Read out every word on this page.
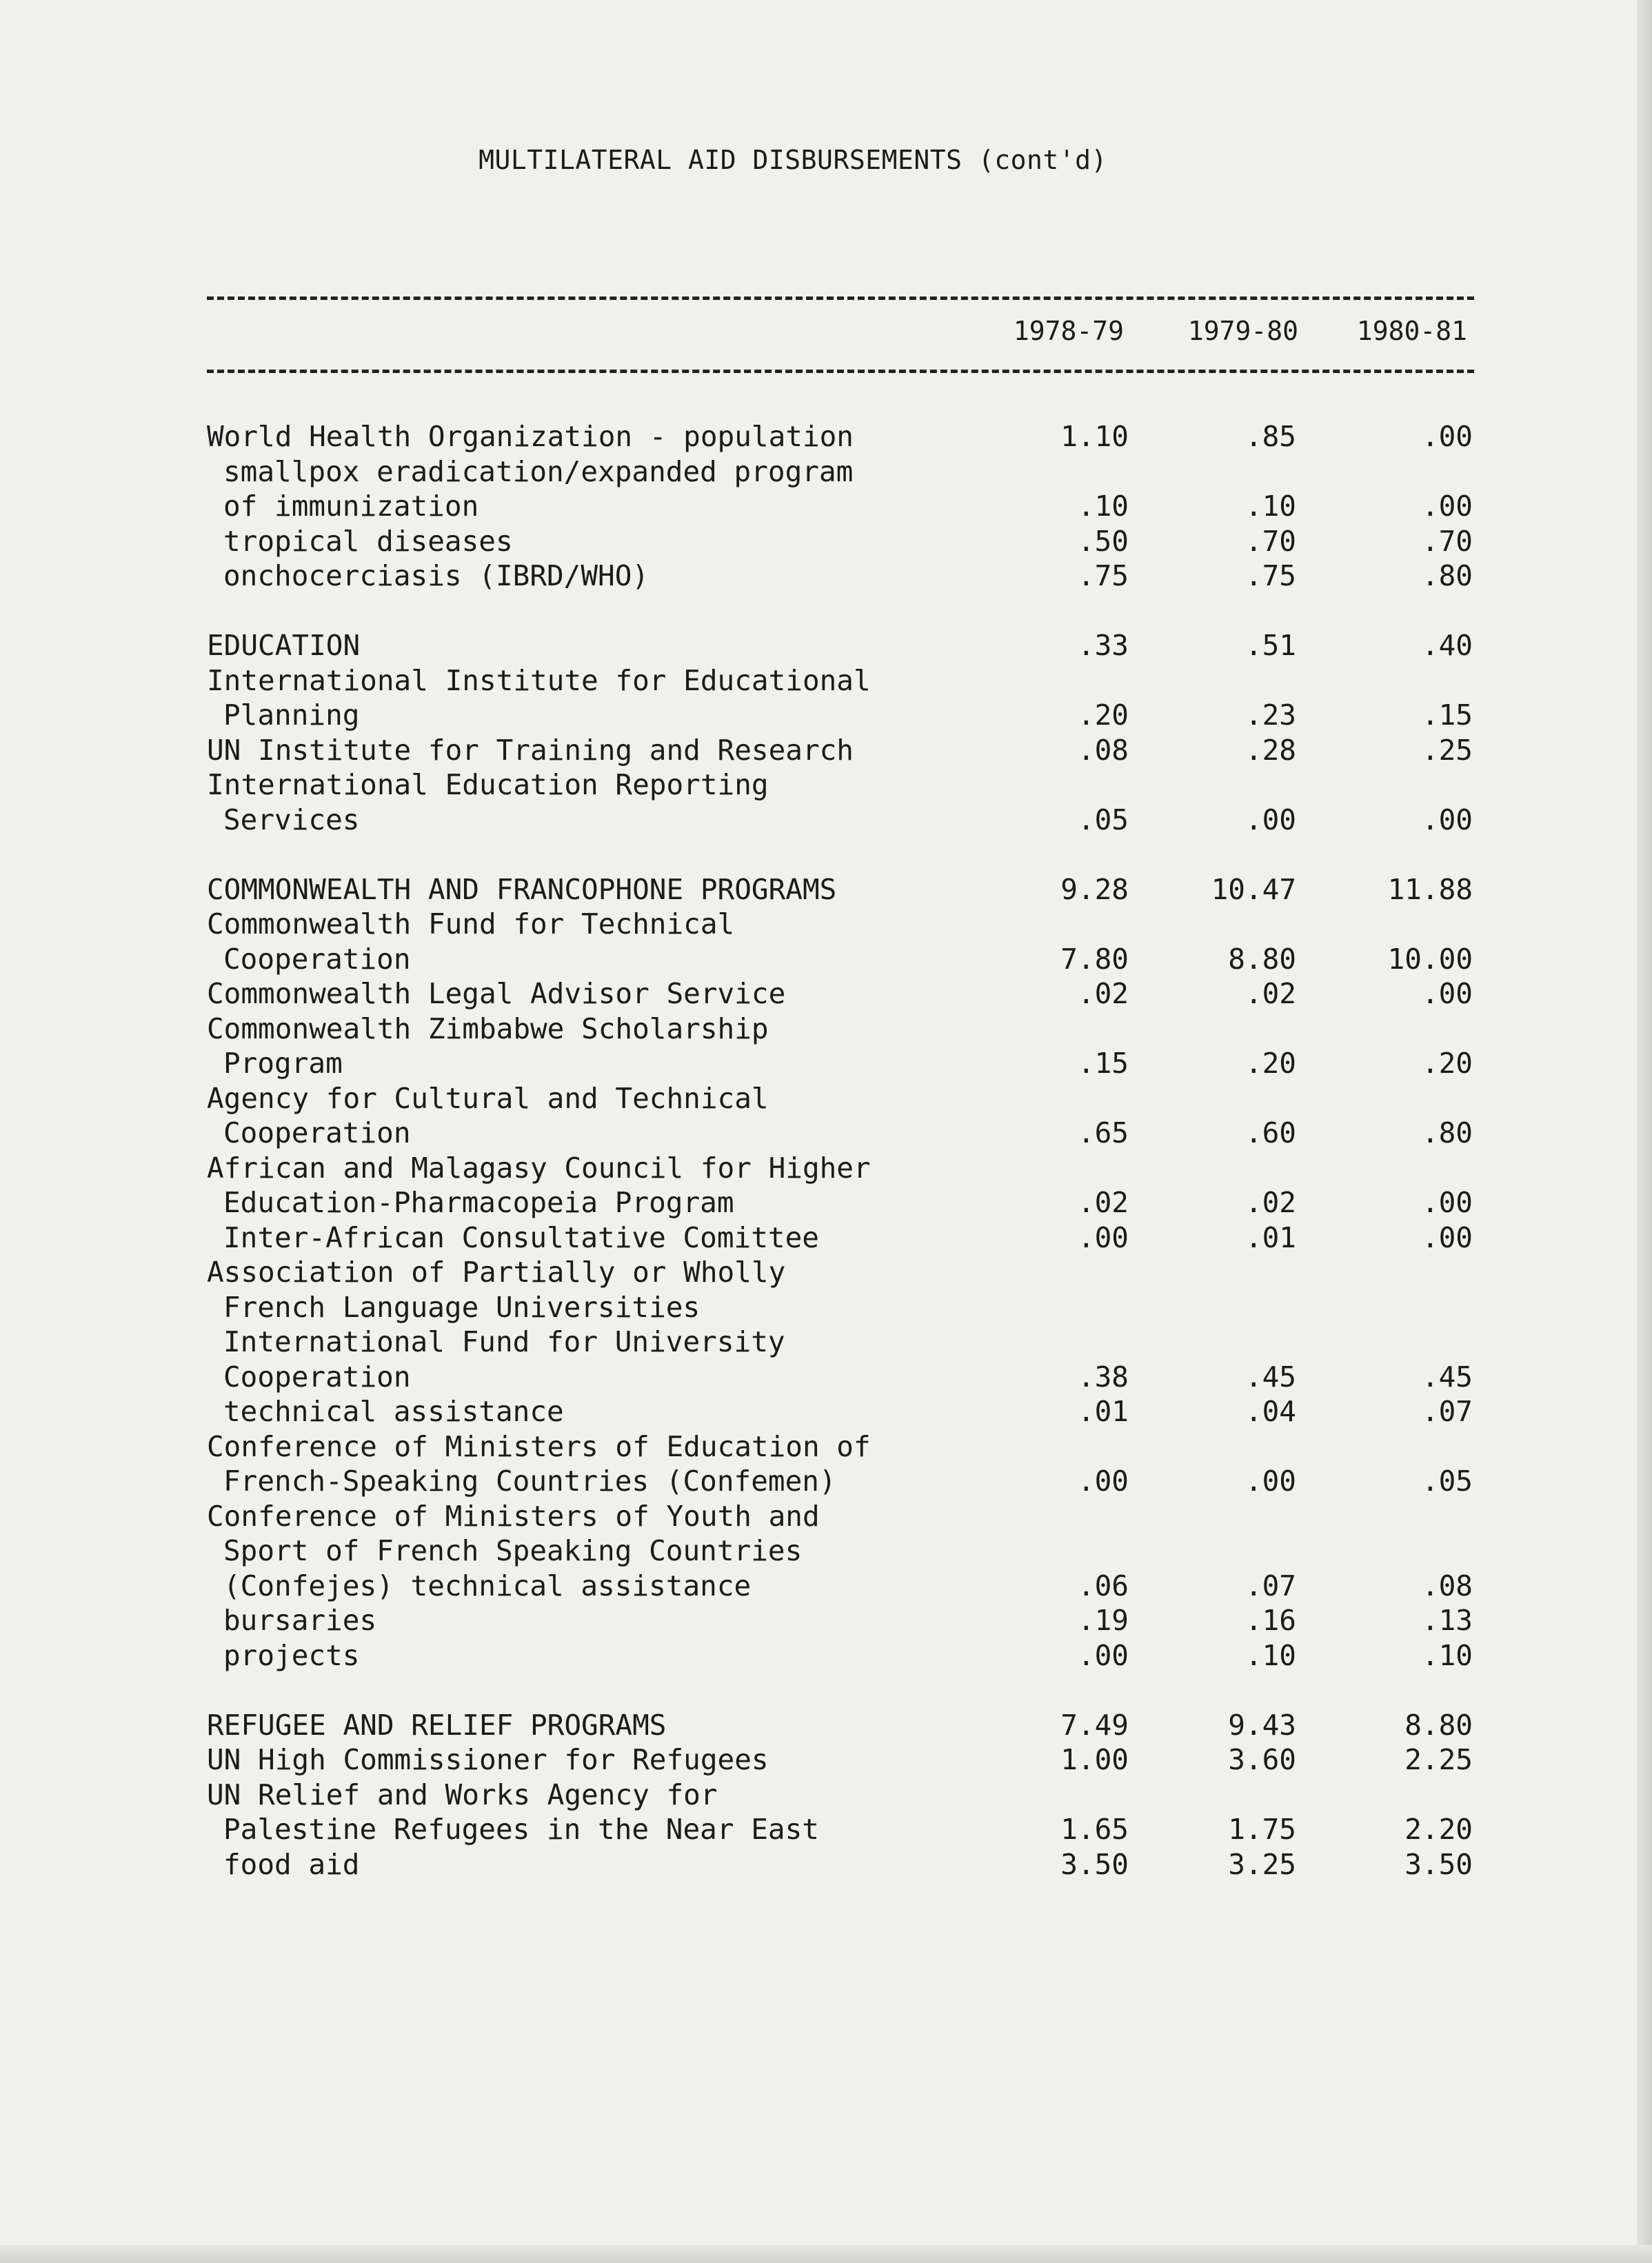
MULTILATERAL AID DISBURSEMENTS (cont'd)
1978-79	1979-80	1980-81
World Health Organization - population	1.10	.85	.00
smallpox eradication/expanded program
of immunization	.10	.10	.00
tropical diseases	.50	.70	.70
onchocerciasis (IBRD/WHO)	.75	.75	.80
EDUCATION	.33	.51	.40
International Institute for Educational
Planning	.20	.23	.15
UN Institute for Training and Research	.08	.28	.25
International Education Reporting
Services	.05	.00	.00
COMMONWEALTH AND FRANCOPHONE PROGRAMS	9.28	10.47	11.88
Commonwealth Fund for Technical
Cooperation	7.80	8.80	10.00
Commonwealth Legal Advisor Service	.02	.02	.00
Commonwealth Zimbabwe Scholarship
Program	.15	.20	.20
Agency for Cultural and Technical
Cooperation	.65	.60	.80
African and Malagasy Council for Higher
Education-Pharmacopeia Program	.02	.02	.00
Inter-African Consultative Comittee	.00	.01	.00
Association of Partially or Wholly
French Language Universities
International Fund for University
Cooperation	.38	.45	.45
technical assistance	.01	.04	.07
Conference of Ministers of Education of
French-Speaking Countries (Confemen)	.00	.00	.05
Conference of Ministers of Youth and
Sport of French Speaking Countries
(Confejes) technical assistance	.06	.07	.08
bursaries	.19	.16	.13
projects	.00	.10	.10
REFUGEE AND RELIEF PROGRAMS	7.49	9.43	8.80
UN High Commissioner for Refugees	1.00	3.60	2.25
UN Relief and Works Agency for
Palestine Refugees in the Near East	1.65	1.75	2.20
food aid	3.50	3.25	3.50
